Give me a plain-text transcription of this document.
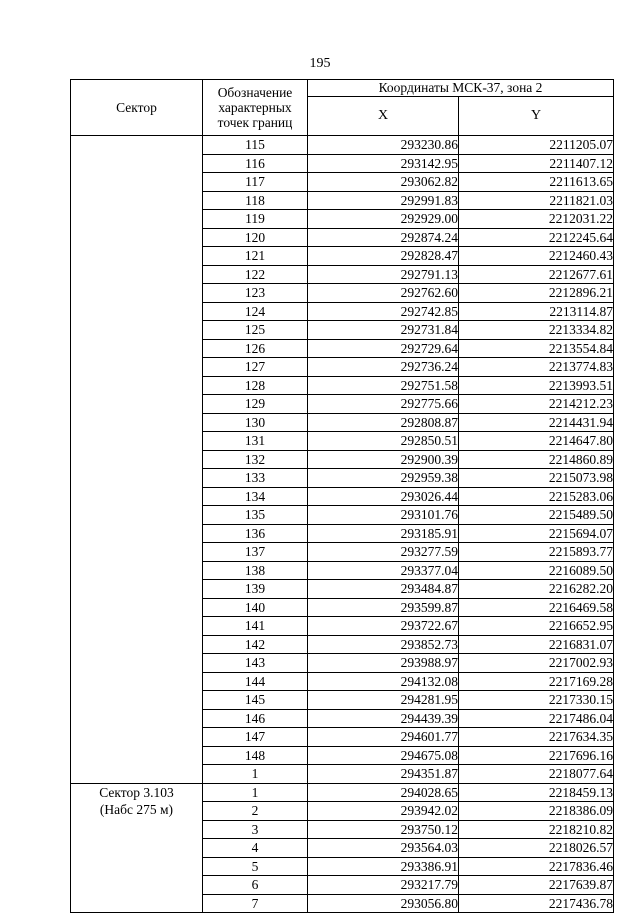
195
Сектор	Обозначение
характерных
точек границ	Координаты МСК-37, зона 2	
		X	Y
	115	293230.86	2211205.07
	116	293142.95	2211407.12
	117	293062.82	2211613.65
	118	292991.83	2211821.03
	119	292929.00	2212031.22
	120	292874.24	2212245.64
	121	292828.47	2212460.43
	122	292791.13	2212677.61
	123	292762.60	2212896.21
	124	292742.85	2213114.87
	125	292731.84	2213334.82
	126	292729.64	2213554.84
	127	292736.24	2213774.83
	128	292751.58	2213993.51
	129	292775.66	2214212.23
	130	292808.87	2214431.94
	131	292850.51	2214647.80
	132	292900.39	2214860.89
	133	292959.38	2215073.98
	134	293026.44	2215283.06
	135	293101.76	2215489.50
	136	293185.91	2215694.07
	137	293277.59	2215893.77
	138	293377.04	2216089.50
	139	293484.87	2216282.20
	140	293599.87	2216469.58
	141	293722.67	2216652.95
	142	293852.73	2216831.07
	143	293988.97	2217002.93
	144	294132.08	2217169.28
	145	294281.95	2217330.15
	146	294439.39	2217486.04
	147	294601.77	2217634.35
	148	294675.08	2217696.16
	1	294351.87	2218077.64

Сектор 3.103
(Набс 275 м)	1	294028.65	2218459.13
	2	293942.02	2218386.09
	3	293750.12	2218210.82
	4	293564.03	2218026.57
	5	293386.91	2217836.46
	6	293217.79	2217639.87
	7	293056.80	2217436.78
